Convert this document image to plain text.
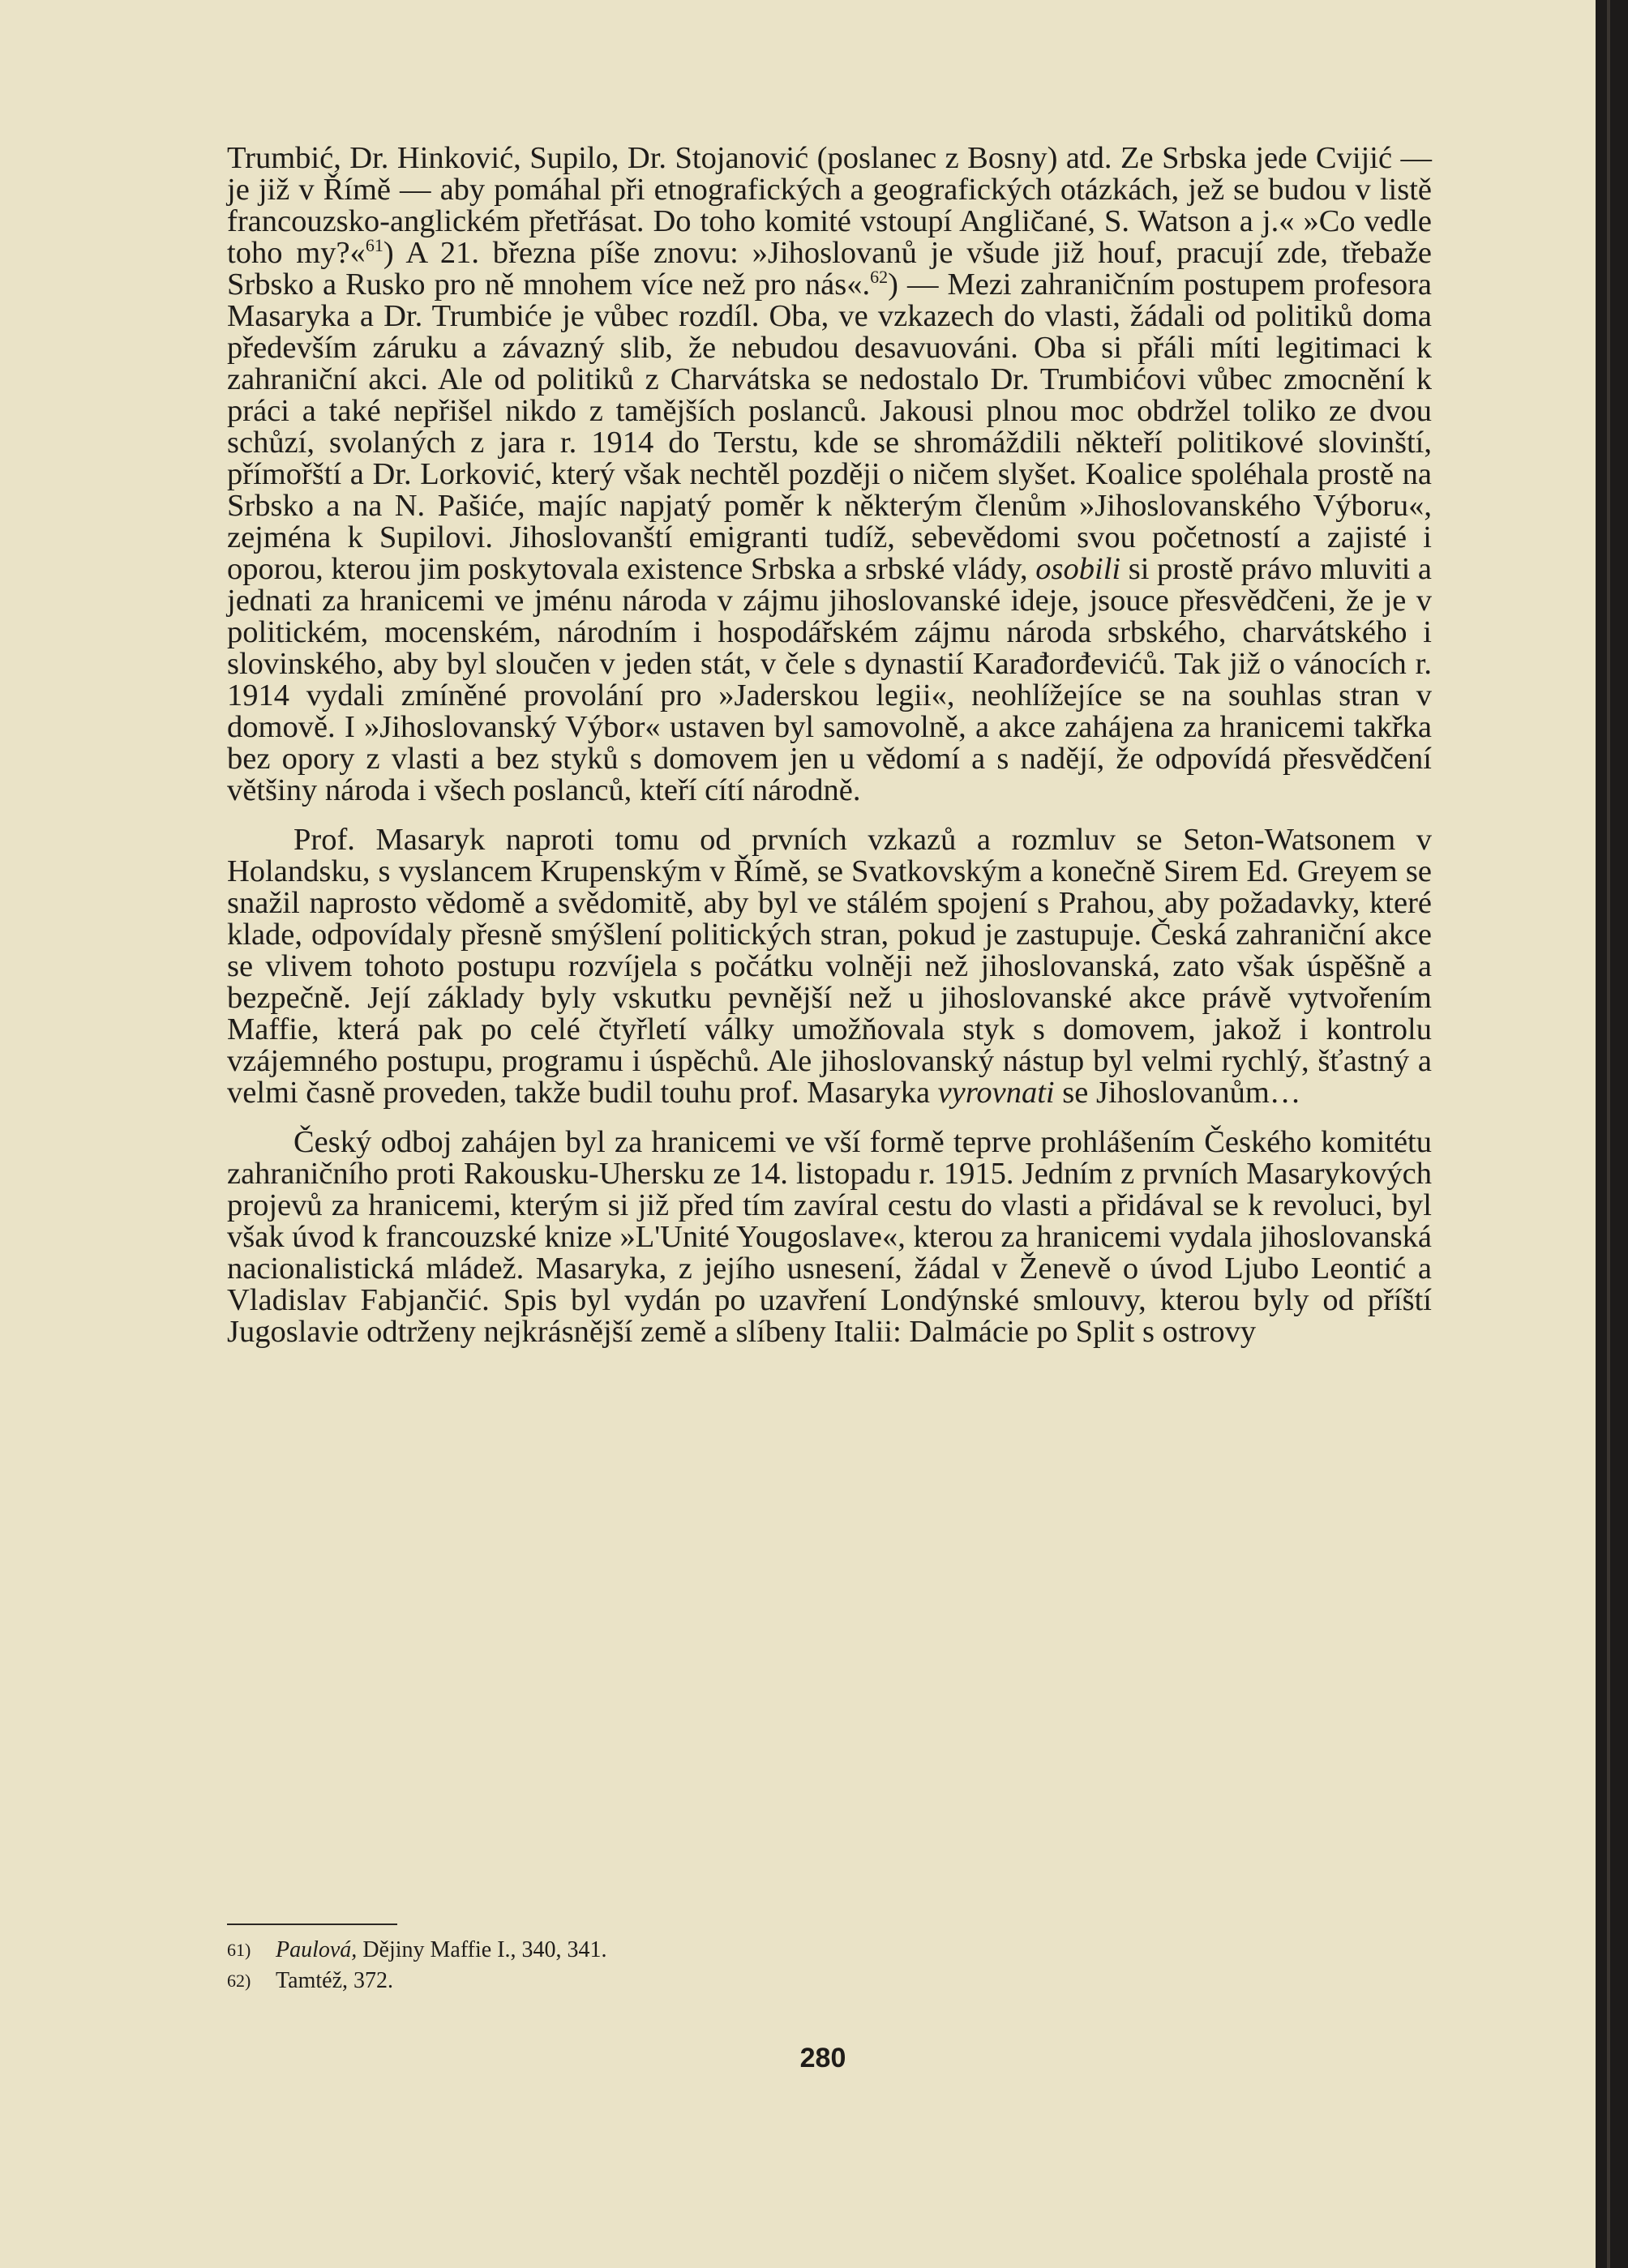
Trumbić, Dr. Hinković, Supilo, Dr. Stojanović (poslanec z Bosny) atd. Ze Srbska jede Cvijić — je již v Římě — aby pomáhal při etnografických a geografických otázkách, jež se budou v listě francouzsko-anglickém přetřásat. Do toho komité vstoupí Angličané, S. Watson a j.« »Co vedle toho my?«$^{61}$) A 21. března píše znovu: »Jihoslovanů je všude již houf, pracují zde, třebaže Srbsko a Rusko pro ně mnohem více než pro nás«.$^{62}$) — Mezi zahraničním postupem profesora Masaryka a Dr. Trumbiće je vůbec rozdíl. Oba, ve vzkazech do vlasti, žádali od politiků doma především záruku a závazný slib, že nebudou desavuováni. Oba si přáli míti legitimaci k zahraniční akci. Ale od politiků z Charvátska se nedostalo Dr. Trumbićovi vůbec zmocnění k práci a také nepřišel nikdo z tamějších poslanců. Jakousi plnou moc obdržel toliko ze dvou schůzí, svolaných z jara r. 1914 do Terstu, kde se shromáždili někteří politikové slovinští, přímořští a Dr. Lorković, který však nechtěl později o ničem slyšet. Koalice spoléhala prostě na Srbsko a na N. Pašiće, majíc napjatý poměr k některým členům »Jihoslovanského Výboru«, zejména k Supilovi. Jihoslovanští emigranti tudíž, sebevědomi svou početností a zajisté i oporou, kterou jim poskytovala existence Srbska a srbské vlády, osobili si prostě právo mluviti a jednati za hranicemi ve jménu národa v zájmu jihoslovanské ideje, jsouce přesvědčeni, že je v politickém, mocenském, národním i hospodářském zájmu národa srbského, charvátského i slovinského, aby byl sloučen v jeden stát, v čele s dynastií Karađorđevićů. Tak již o vánocích r. 1914 vydali zmíněné provolání pro »Jaderskou legii«, neohlížejíce se na souhlas stran v domově. I »Jihoslovanský Výbor« ustaven byl samovolně, a akce zahájena za hranicemi takřka bez opory z vlasti a bez styků s domovem jen u vědomí a s nadějí, že odpovídá přesvědčení většiny národa i všech poslanců, kteří cítí národně.

Prof. Masaryk naproti tomu od prvních vzkazů a rozmluv se Seton-Watsonem v Holandsku, s vyslancem Krupenským v Římě, se Svatkovským a konečně Sirem Ed. Greyem se snažil naprosto vědomě a svědomitě, aby byl ve stálém spojení s Prahou, aby požadavky, které klade, odpovídaly přesně smýšlení politických stran, pokud je zastupuje. Česká zahraniční akce se vlivem tohoto postupu rozvíjela s počátku volněji než jihoslovanská, zato však úspěšně a bezpečně. Její základy byly vskutku pevnější než u jihoslovanské akce právě vytvořením Maffie, která pak po celé čtyřletí války umožňovala styk s domovem, jakož i kontrolu vzájemného postupu, programu i úspěchů. Ale jihoslovanský nástup byl velmi rychlý, šťastný a velmi časně proveden, takže budil touhu prof. Masaryka vyrovnati se Jihoslovanům…

Český odboj zahájen byl za hranicemi ve vší formě teprve prohlášením Českého komitétu zahraničního proti Rakousku-Uhersku ze 14. listopadu r. 1915. Jedním z prvních Masarykových projevů za hranicemi, kterým si již před tím zavíral cestu do vlasti a přidával se k revoluci, byl však úvod k francouzské knize »L'Unité Yougoslave«, kterou za hranicemi vydala jihoslovanská nacionalistická mládež. Masaryka, z jejího usnesení, žádal v Ženevě o úvod Ljubo Leontić a Vladislav Fabjančić. Spis byl vydán po uzavření Londýnské smlouvy, kterou byly od příští Jugoslavie odtrženy nejkrásnější země a slíbeny Italii: Dalmácie po Split s ostrovy

61) Paulová, Dějiny Maffie I., 340, 341.

62) Tamtéž, 372.

280
